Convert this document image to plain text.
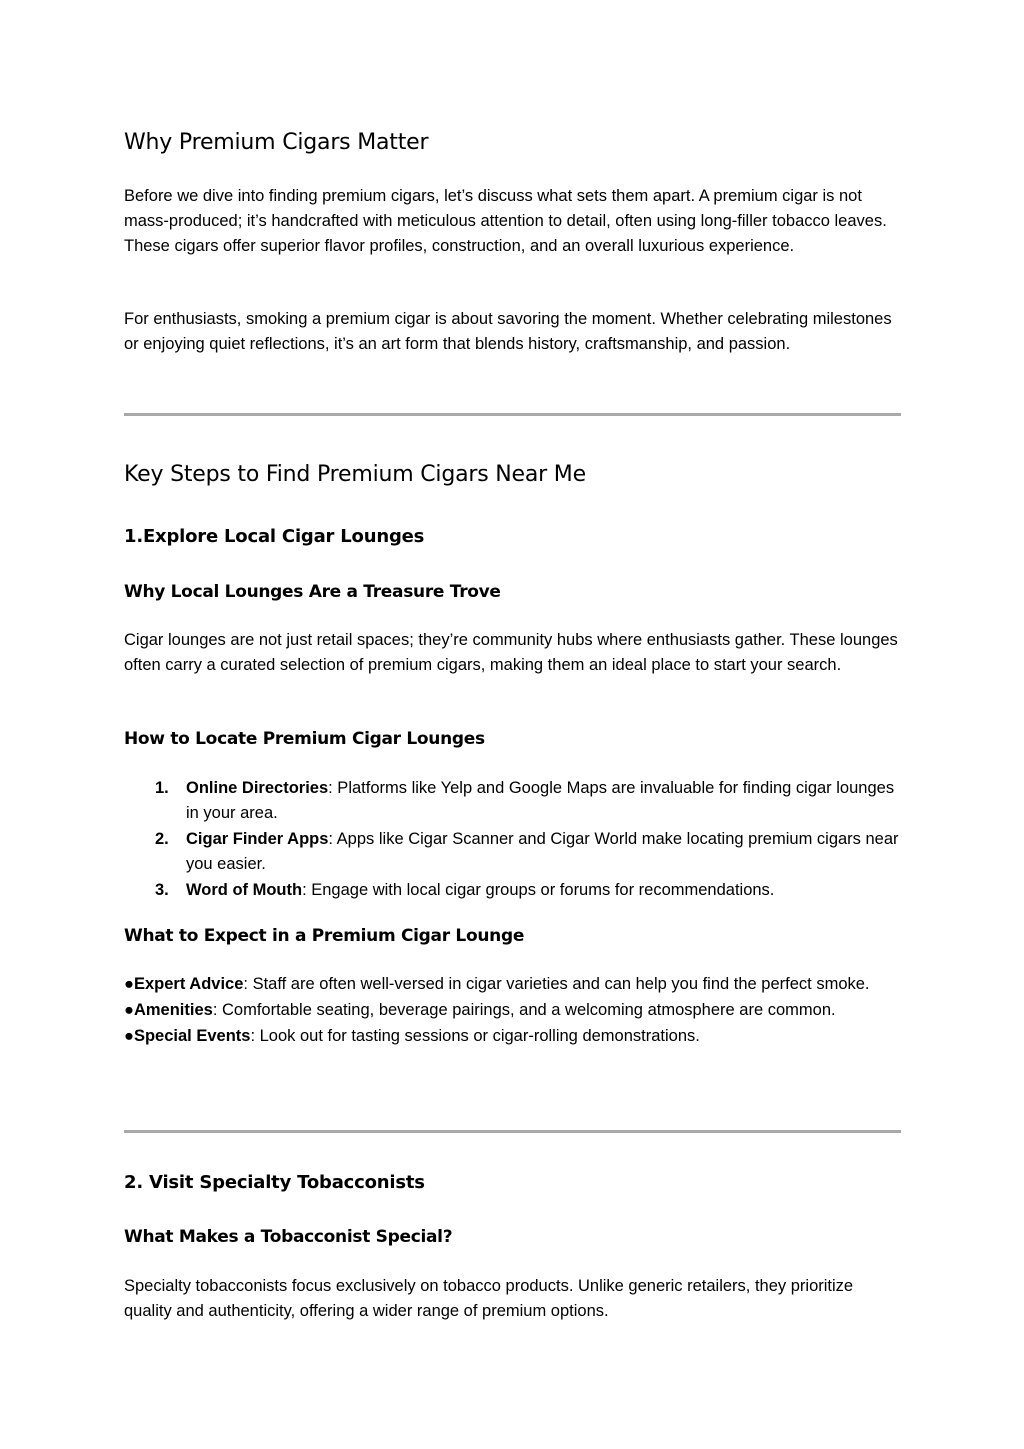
Why Premium Cigars Matter

Before we dive into finding premium cigars, let’s discuss what sets them apart. A premium cigar is not mass-produced; it’s handcrafted with meticulous attention to detail, often using long-filler tobacco leaves. These cigars offer superior flavor profiles, construction, and an overall luxurious experience.

For enthusiasts, smoking a premium cigar is about savoring the moment. Whether celebrating milestones or enjoying quiet reflections, it’s an art form that blends history, craftsmanship, and passion.

Key Steps to Find Premium Cigars Near Me
1.Explore Local Cigar Lounges
Why Local Lounges Are a Treasure Trove

Cigar lounges are not just retail spaces; they’re community hubs where enthusiasts gather. These lounges often carry a curated selection of premium cigars, making them an ideal place to start your search.

How to Locate Premium Cigar Lounges
1. Online Directories: Platforms like Yelp and Google Maps are invaluable for finding cigar lounges in your area.
2. Cigar Finder Apps: Apps like Cigar Scanner and Cigar World make locating premium cigars near you easier.
3. Word of Mouth: Engage with local cigar groups or forums for recommendations.
What to Expect in a Premium Cigar Lounge
●Expert Advice: Staff are often well-versed in cigar varieties and can help you find the perfect smoke.
●Amenities: Comfortable seating, beverage pairings, and a welcoming atmosphere are common.
●Special Events: Look out for tasting sessions or cigar-rolling demonstrations.
2. Visit Specialty Tobacconists
What Makes a Tobacconist Special?

Specialty tobacconists focus exclusively on tobacco products. Unlike generic retailers, they prioritize quality and authenticity, offering a wider range of premium options.
